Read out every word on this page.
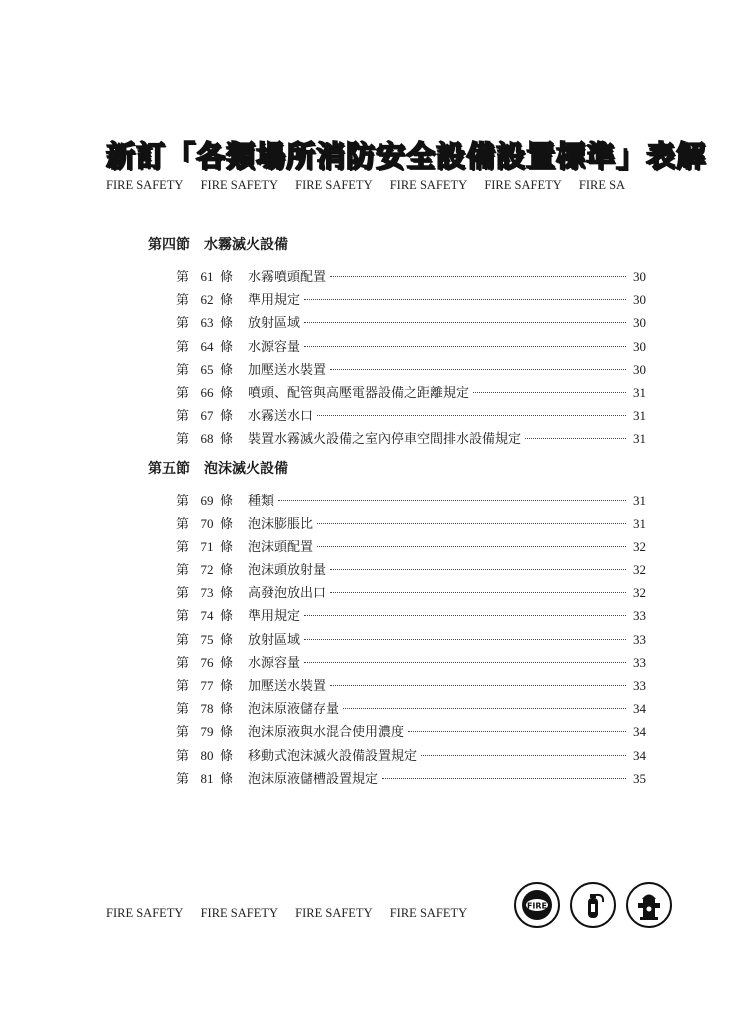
新訂「各類場所消防安全設備設置標準」表解
FIRE SAFETY FIRE SAFETY FIRE SAFETY FIRE SAFETY FIRE SAFETY FIRE SA
第四節 水霧滅火設備
第 61 條	水霧噴頭配置	30
第 62 條	準用規定	30
第 63 條	放射區域	30
第 64 條	水源容量	30
第 65 條	加壓送水裝置	30
第 66 條	噴頭、配管與高壓電器設備之距離規定	31
第 67 條	水霧送水口	31
第 68 條	裝置水霧滅火設備之室內停車空間排水設備規定	31
第五節 泡沫滅火設備
第 69 條	種類	31
第 70 條	泡沫膨脹比	31
第 71 條	泡沫頭配置	32
第 72 條	泡沫頭放射量	32
第 73 條	高發泡放出口	32
第 74 條	準用規定	33
第 75 條	放射區域	33
第 76 條	水源容量	33
第 77 條	加壓送水裝置	33
第 78 條	泡沫原液儲存量	34
第 79 條	泡沫原液與水混合使用濃度	34
第 80 條	移動式泡沫滅火設備設置規定	34
第 81 條	泡沫原液儲槽設置規定	35
FIRE SAFETY FIRE SAFETY FIRE SAFETY FIRE SAFETY	FIRE
